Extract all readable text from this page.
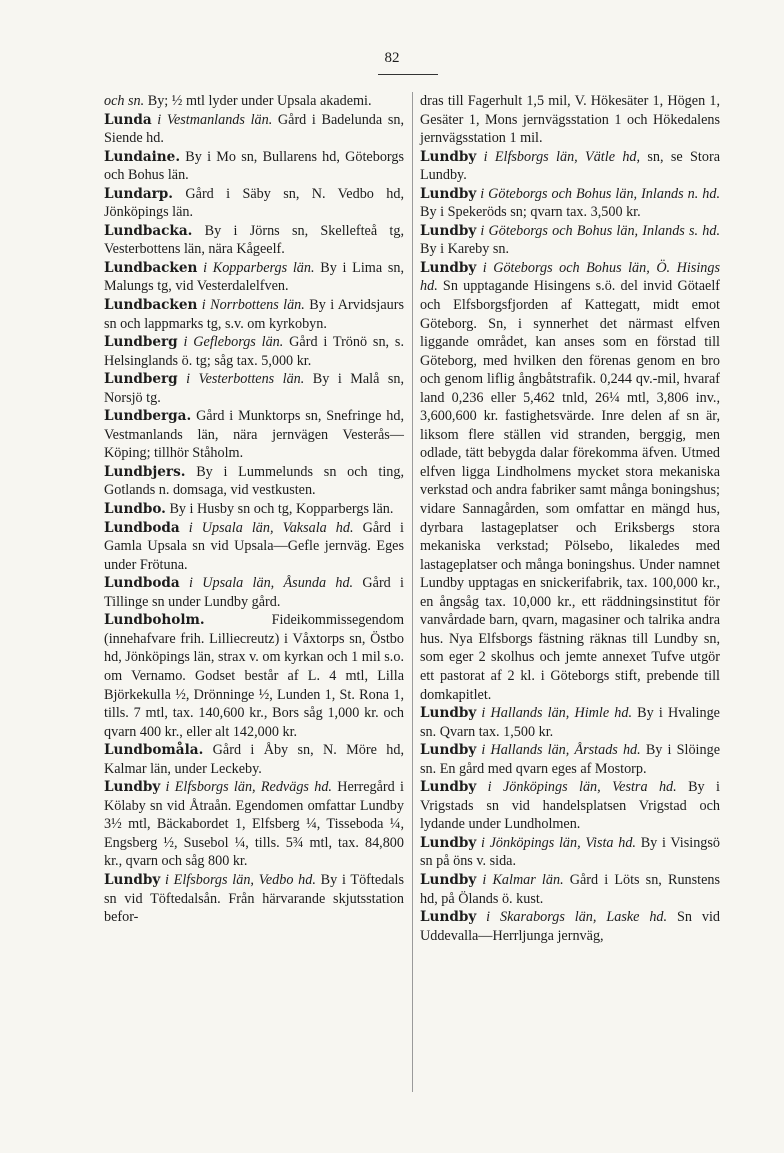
82
och sn. By; ½ mtl lyder under Upsala akademi.
Lunda i Vestmanlands län. Gård i Badelunda sn, Siende hd.
Lundaine. By i Mo sn, Bullarens hd, Göteborgs och Bohus län.
Lundarp. Gård i Säby sn, N. Vedbo hd, Jönköpings län.
Lundbacka. By i Jörns sn, Skellefteå tg, Vesterbottens län, nära Kågeelf.
Lundbacken i Kopparbergs län. By i Lima sn, Malungs tg, vid Vesterdalelfven.
Lundbacken i Norrbottens län. By i Arvidsjaurs sn och lappmarks tg, s.v. om kyrkobyn.
Lundberg i Gefleborgs län. Gård i Trönö sn, s. Helsinglands ö. tg; såg tax. 5,000 kr.
Lundberg i Vesterbottens län. By i Malå sn, Norsjö tg.
Lundberga. Gård i Munktorps sn, Snefringe hd, Vestmanlands län, nära jernvägen Vesterås—Köping; tillhör Ståholm.
Lundbjers. By i Lummelunds sn och ting, Gotlands n. domsaga, vid vestkusten.
Lundbo. By i Husby sn och tg, Kopparbergs län.
Lundboda i Upsala län, Vaksala hd. Gård i Gamla Upsala sn vid Upsala—Gefle jernväg. Eges under Frötuna.
Lundboda i Upsala län, Åsunda hd. Gård i Tillinge sn under Lundby gård.
Lundboholm. Fideikommissegendom (innehafvare frih. Lilliecreutz) i Våxtorps sn, Östbo hd, Jönköpings län, strax v. om kyrkan och 1 mil s.o. om Vernamo. Godset består af L. 4 mtl, Lilla Björkekulla ½, Drönninge ½, Lunden 1, St. Rona 1, tills. 7 mtl, tax. 140,600 kr., Bors såg 1,000 kr. och qvarn 400 kr., eller alt 142,000 kr.
Lundbomåla. Gård i Åby sn, N. Möre hd, Kalmar län, under Leckeby.
Lundby i Elfsborgs län, Redvägs hd. Herregård i Kölaby sn vid Åtraån. Egendomen omfattar Lundby 3½ mtl, Bäckabordet 1, Elfsberg ¼, Tisseboda ¼, Engsberg ½, Susebol ¼, tills. 5¾ mtl, tax. 84,800 kr., qvarn och såg 800 kr.
Lundby i Elfsborgs län, Vedbo hd. By i Töftedals sn vid Töftedalsån. Från härvarande skjutsstation befor-
dras till Fagerhult 1,5 mil, V. Hökesäter 1, Högen 1, Gesäter 1, Mons jernvägsstation 1 och Hökedalens jernvägsstation 1 mil.
Lundby i Elfsborgs län, Vätle hd, sn, se Stora Lundby.
Lundby i Göteborgs och Bohus län, Inlands n. hd. By i Spekeröds sn; qvarn tax. 3,500 kr.
Lundby i Göteborgs och Bohus län, Inlands s. hd. By i Kareby sn.
Lundby i Göteborgs och Bohus län, Ö. Hisings hd. Sn upptagande Hisingens s.ö. del invid Götaelf och Elfsborgsfjorden af Kattegatt, midt emot Göteborg. Sn, i synnerhet det närmast elfven liggande området, kan anses som en förstad till Göteborg, med hvilken den förenas genom en bro och genom liflig ångbåtstrafik. 0,244 qv.-mil, hvaraf land 0,236 eller 5,462 tnld, 26¼ mtl, 3,806 inv., 3,600,600 kr. fastighetsvärde. Inre delen af sn är, liksom flere ställen vid stranden, berggig, men odlade, tätt bebygda dalar förekomma äfven. Utmed elfven ligga Lindholmens mycket stora mekaniska verkstad och andra fabriker samt många boningshus; vidare Sannagården, som omfattar en mängd hus, dyrbara lastageplatser och Eriksbergs stora mekaniska verkstad; Pölsebo, likaledes med lastageplatser och många boningshus. Under namnet Lundby upptagas en snickerifabrik, tax. 100,000 kr., en ångsåg tax. 10,000 kr., ett räddningsinstitut för vanvårdade barn, qvarn, magasiner och talrika andra hus. Nya Elfsborgs fästning räknas till Lundby sn, som eger 2 skolhus och jemte annexet Tufve utgör ett pastorat af 2 kl. i Göteborgs stift, prebende till domkapitlet.
Lundby i Hallands län, Himle hd. By i Hvalinge sn. Qvarn tax. 1,500 kr.
Lundby i Hallands län, Årstads hd. By i Slöinge sn. En gård med qvarn eges af Mostorp.
Lundby i Jönköpings län, Vestra hd. By i Vrigstads sn vid handelsplatsen Vrigstad och lydande under Lundholmen.
Lundby i Jönköpings län, Vista hd. By i Visingsö sn på öns v. sida.
Lundby i Kalmar län. Gård i Löts sn, Runstens hd, på Ölands ö. kust.
Lundby i Skaraborgs län, Laske hd. Sn vid Uddevalla—Herrljunga jernväg,
